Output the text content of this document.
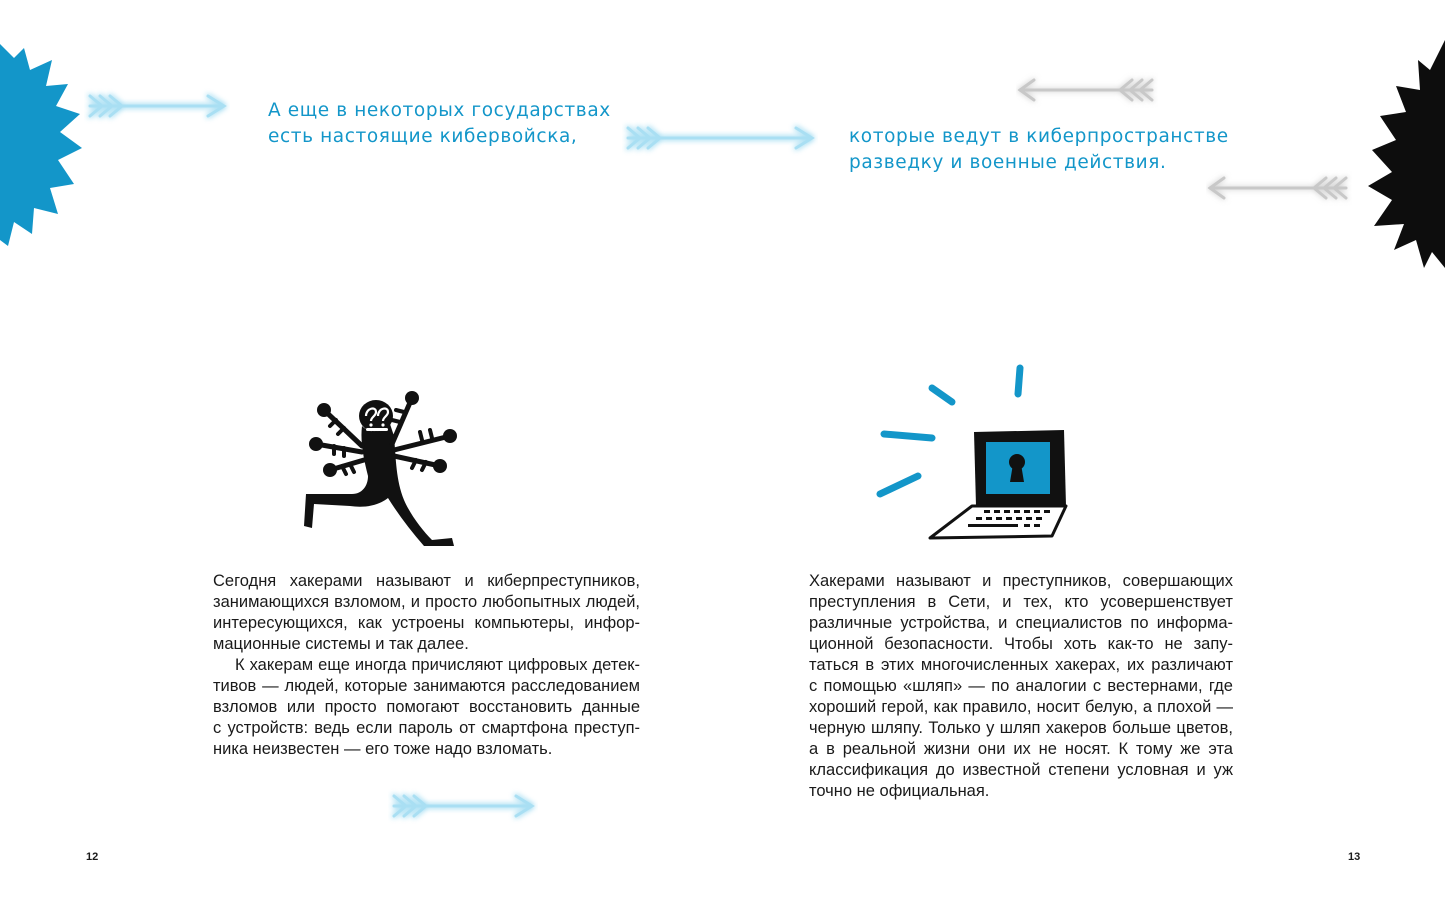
А еще в некоторых государствах
есть настоящие кибервойска,
Сегодня хакерами называют и киберпреступников,
занимающихся взломом, и просто любопытных людей,
интересующихся, как устроены компьютеры, инфор-
мационные системы и так далее.
К хакерам еще иногда причисляют цифровых детек-
тивов — людей, которые занимаются расследованием
взломов или просто помогают восстановить данные
с устройств: ведь если пароль от смартфона преступ-
ника неизвестен — его тоже надо взломать.
12
которые ведут в киберпространстве
разведку и военные действия.
Хакерами называют и преступников, совершающих
преступления в Сети, и тех, кто усовершенствует
различные устройства, и специалистов по информа-
ционной безопасности. Чтобы хоть как-то не запу-
таться в этих многочисленных хакерах, их различают
с помощью «шляп» — по аналогии с вестернами, где
хороший герой, как правило, носит белую, а плохой —
черную шляпу. Только у шляп хакеров больше цветов,
а в реальной жизни они их не носят. К тому же эта
классификация до известной степени условная и уж
точно не официальная.
13
